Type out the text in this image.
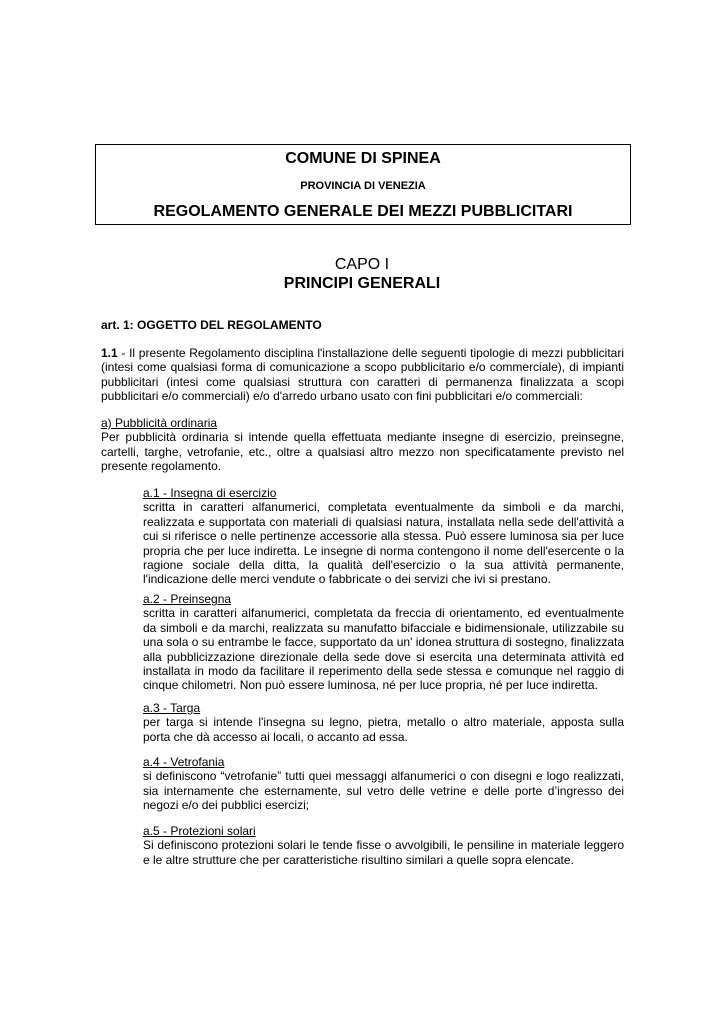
COMUNE DI SPINEA
PROVINCIA DI VENEZIA
REGOLAMENTO GENERALE DEI MEZZI PUBBLICITARI
CAPO I
PRINCIPI GENERALI
art. 1: OGGETTO DEL REGOLAMENTO
1.1 - Il presente Regolamento disciplina l'installazione delle seguenti tipologie di mezzi pubblicitari (intesi come qualsiasi forma di comunicazione a scopo pubblicitario e/o commerciale), di impianti pubblicitari (intesi come qualsiasi struttura con caratteri di permanenza finalizzata a scopi pubblicitari e/o commerciali) e/o d'arredo urbano usato con fini pubblicitari e/o commerciali:
a) Pubblicità ordinaria
Per pubblicità ordinaria si intende quella effettuata mediante insegne di esercizio, preinsegne, cartelli, targhe, vetrofanie, etc., oltre a qualsiasi altro mezzo non specificatamente previsto nel presente regolamento.
a.1 - Insegna di esercizio
scritta in caratteri alfanumerici, completata eventualmente da simboli e da marchi, realizzata e supportata con materiali di qualsiasi natura, installata nella sede dell'attività a cui si riferisce o nelle pertinenze accessorie alla stessa. Può essere luminosa sia per luce propria che per luce indiretta. Le insegne di norma contengono il nome dell'esercente o la ragione sociale della ditta, la qualità dell'esercizio o la sua attività permanente, l'indicazione delle merci vendute o fabbricate o dei servizi che ivi si prestano.
a.2 - Preinsegna
scritta in caratteri alfanumerici, completata da freccia di orientamento, ed eventualmente da simboli e da marchi, realizzata su manufatto bifacciale e bidimensionale, utilizzabile su una sola o su entrambe le facce, supportato da un' idonea struttura di sostegno, finalizzata alla pubblicizzazione direzionale della sede dove si esercita una determinata attività ed installata in modo da facilitare il reperimento della sede stessa e comunque nel raggio di cinque chilometri. Non può essere luminosa, né per luce propria, né per luce indiretta.
a.3 - Targa
per targa si intende l'insegna su legno, pietra, metallo o altro materiale, apposta sulla porta che dà accesso ai locali, o accanto ad essa.
a.4 - Vetrofania
si definiscono “vetrofanie” tutti quei messaggi alfanumerici o con disegni e logo realizzati, sia internamente che esternamente, sul vetro delle vetrine e delle porte d’ingresso dei negozi e/o dei pubblici esercizi;
a.5 - Protezioni solari
Si definiscono protezioni solari le tende fisse o avvolgibili, le pensiline in materiale leggero e le altre strutture che per caratteristiche risultino similari a quelle sopra elencate.
